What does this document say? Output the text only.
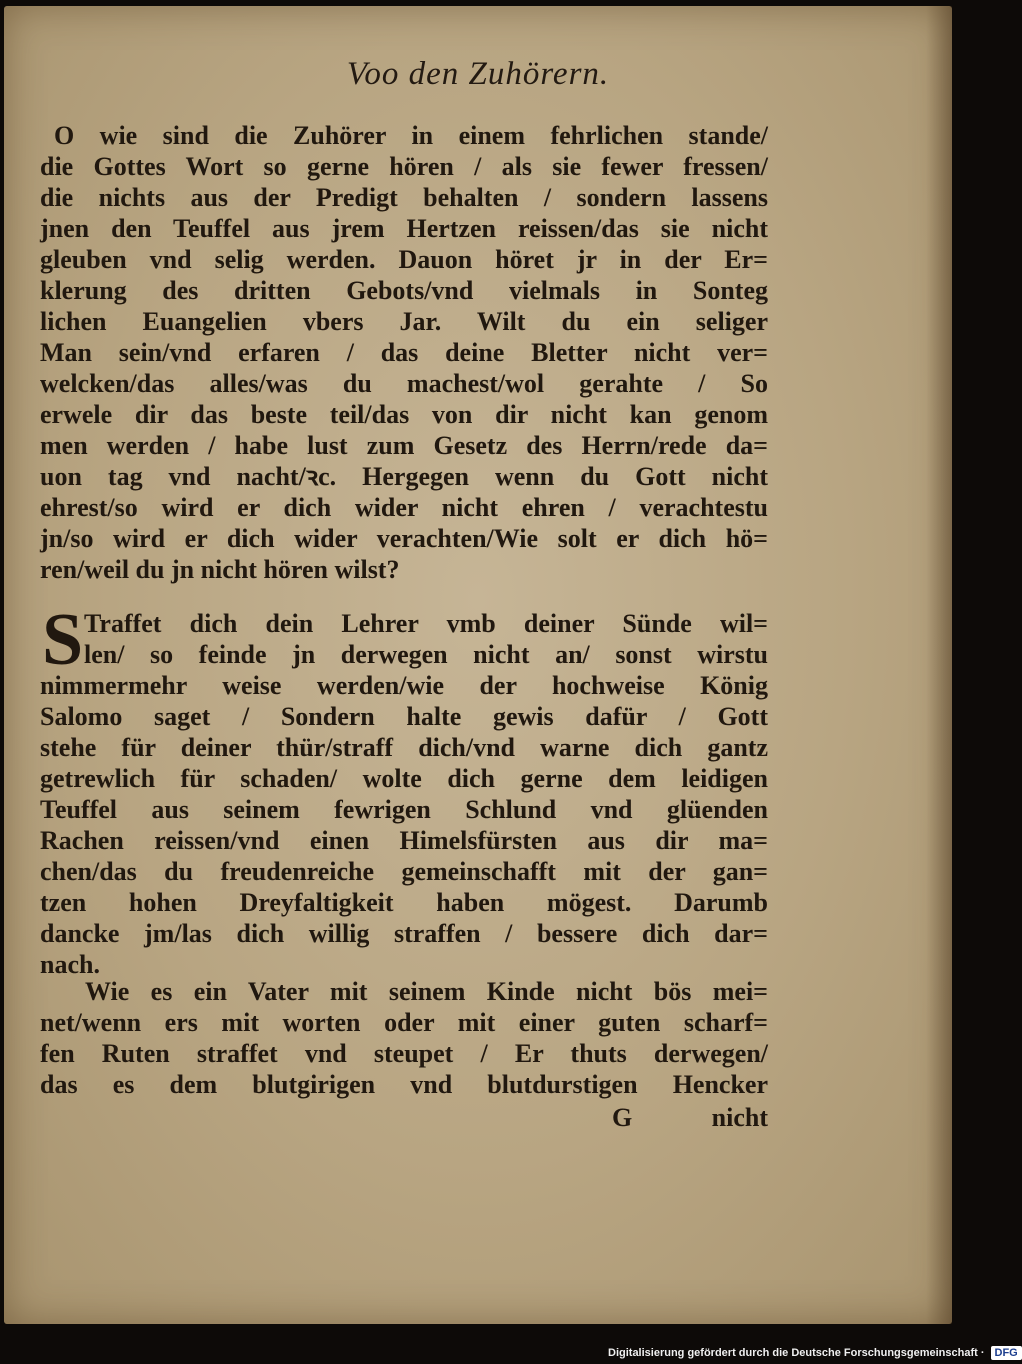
Voo den Zuhörern.
O wie sind die Zuhörer in einem fehrlichen stande/
die Gottes Wort so gerne hören / als sie fewer fressen/
die nichts aus der Predigt behalten / sondern lassens
jnen den Teuffel aus jrem Hertzen reissen/das sie nicht
gleuben vnd selig werden. Dauon höret jr in der Er=
klerung des dritten Gebots/vnd vielmals in Sonteg
lichen Euangelien vbers Jar. Wilt du ein seliger
Man sein/vnd erfaren / das deine Bletter nicht ver=
welcken/das alles/was du machest/wol gerahte / So
erwele dir das beste teil/das von dir nicht kan genom
men werden / habe lust zum Gesetz des Herrn/rede da=
uon tag vnd nacht/ꝛc. Hergegen wenn du Gott nicht
ehrest/so wird er dich wider nicht ehren / verachtestu
jn/so wird er dich wider verachten/Wie solt er dich hö=
ren/weil du jn nicht hören wilst?
S Traffet dich dein Lehrer vmb deiner Sünde wil=
len/ so feinde jn derwegen nicht an/ sonst wirstu
nimmermehr weise werden/wie der hochweise König
Salomo saget / Sondern halte gewis dafür / Gott
stehe für deiner thür/straff dich/vnd warne dich gantz
getrewlich für schaden/ wolte dich gerne dem leidigen
Teuffel aus seinem fewrigen Schlund vnd glüenden
Rachen reissen/vnd einen Himelsfürsten aus dir ma=
chen/das du freudenreiche gemeinschafft mit der gan=
tzen hohen Dreyfaltigkeit haben mögest. Darumb
dancke jm/las dich willig straffen / bessere dich dar=
nach.
Wie es ein Vater mit seinem Kinde nicht bös mei=
net/wenn ers mit worten oder mit einer guten scharf=
fen Ruten straffet vnd steupet / Er thuts derwegen/
das es dem blutgirigen vnd blutdurstigen Hencker
G	nicht
Digitalisierung gefördert durch die Deutsche Forschungsgemeinschaft · DFG
